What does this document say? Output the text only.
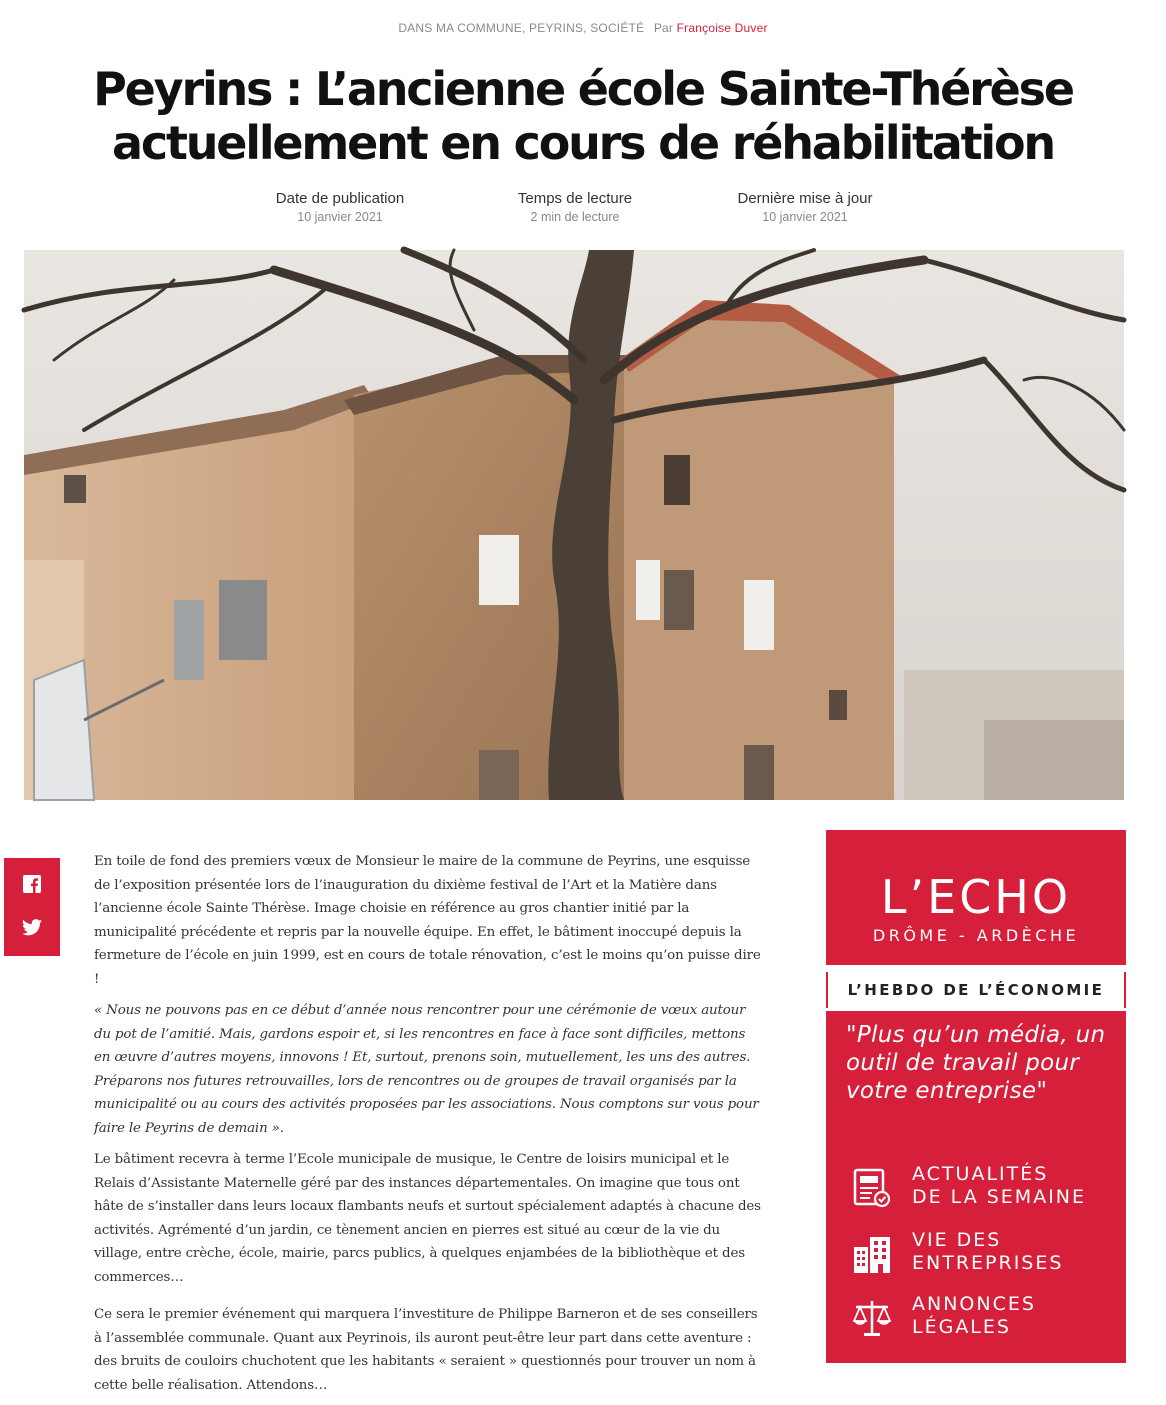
DANS MA COMMUNE, PEYRINS, SOCIÉTÉ Par Françoise Duver
Peyrins : L’ancienne école Sainte-Thérèse actuellement en cours de réhabilitation
Date de publication
10 janvier 2021
Temps de lecture
2 min de lecture
Dernière mise à jour
10 janvier 2021

En toile de fond des premiers vœux de Monsieur le maire de la commune de Peyrins, une esquisse de l’exposition présentée lors de l’inauguration du dixième festival de l’Art et la Matière dans l’ancienne école Sainte Thérèse. Image choisie en référence au gros chantier initié par la municipalité précédente et repris par la nouvelle équipe. En effet, le bâtiment inoccupé depuis la fermeture de l’école en juin 1999, est en cours de totale rénovation, c’est le moins qu’on puisse dire !

« Nous ne pouvons pas en ce début d’année nous rencontrer pour une cérémonie de vœux autour du pot de l’amitié. Mais, gardons espoir et, si les rencontres en face à face sont difficiles, mettons en œuvre d’autres moyens, innovons ! Et, surtout, prenons soin, mutuellement, les uns des autres. Préparons nos futures retrouvailles, lors de rencontres ou de groupes de travail organisés par la municipalité ou au cours des activités proposées par les associations. Nous comptons sur vous pour faire le Peyrins de demain ».

Le bâtiment recevra à terme l’Ecole municipale de musique, le Centre de loisirs municipal et le Relais d’Assistante Maternelle géré par des instances départementales. On imagine que tous ont hâte de s’installer dans leurs locaux flambants neufs et surtout spécialement adaptés à chacune des activités. Agrémenté d’un jardin, ce tènement ancien en pierres est situé au cœur de la vie du village, entre crèche, école, mairie, parcs publics, à quelques enjambées de la bibliothèque et des commerces…

Ce sera le premier événement qui marquera l’investiture de Philippe Barneron et de ses conseillers à l’assemblée communale. Quant aux Peyrinois, ils auront peut-être leur part dans cette aventure : des bruits de couloirs chuchotent que les habitants « seraient » questionnés pour trouver un nom à cette belle réalisation. Attendons…

L’ECHO
DRÔME - ARDÈCHE
L’HEBDO DE L’ÉCONOMIE
"Plus qu’un média, un outil de travail pour votre entreprise"
ACTUALITÉS
DE LA SEMAINE
VIE DES
ENTREPRISES
ANNONCES
LÉGALES
